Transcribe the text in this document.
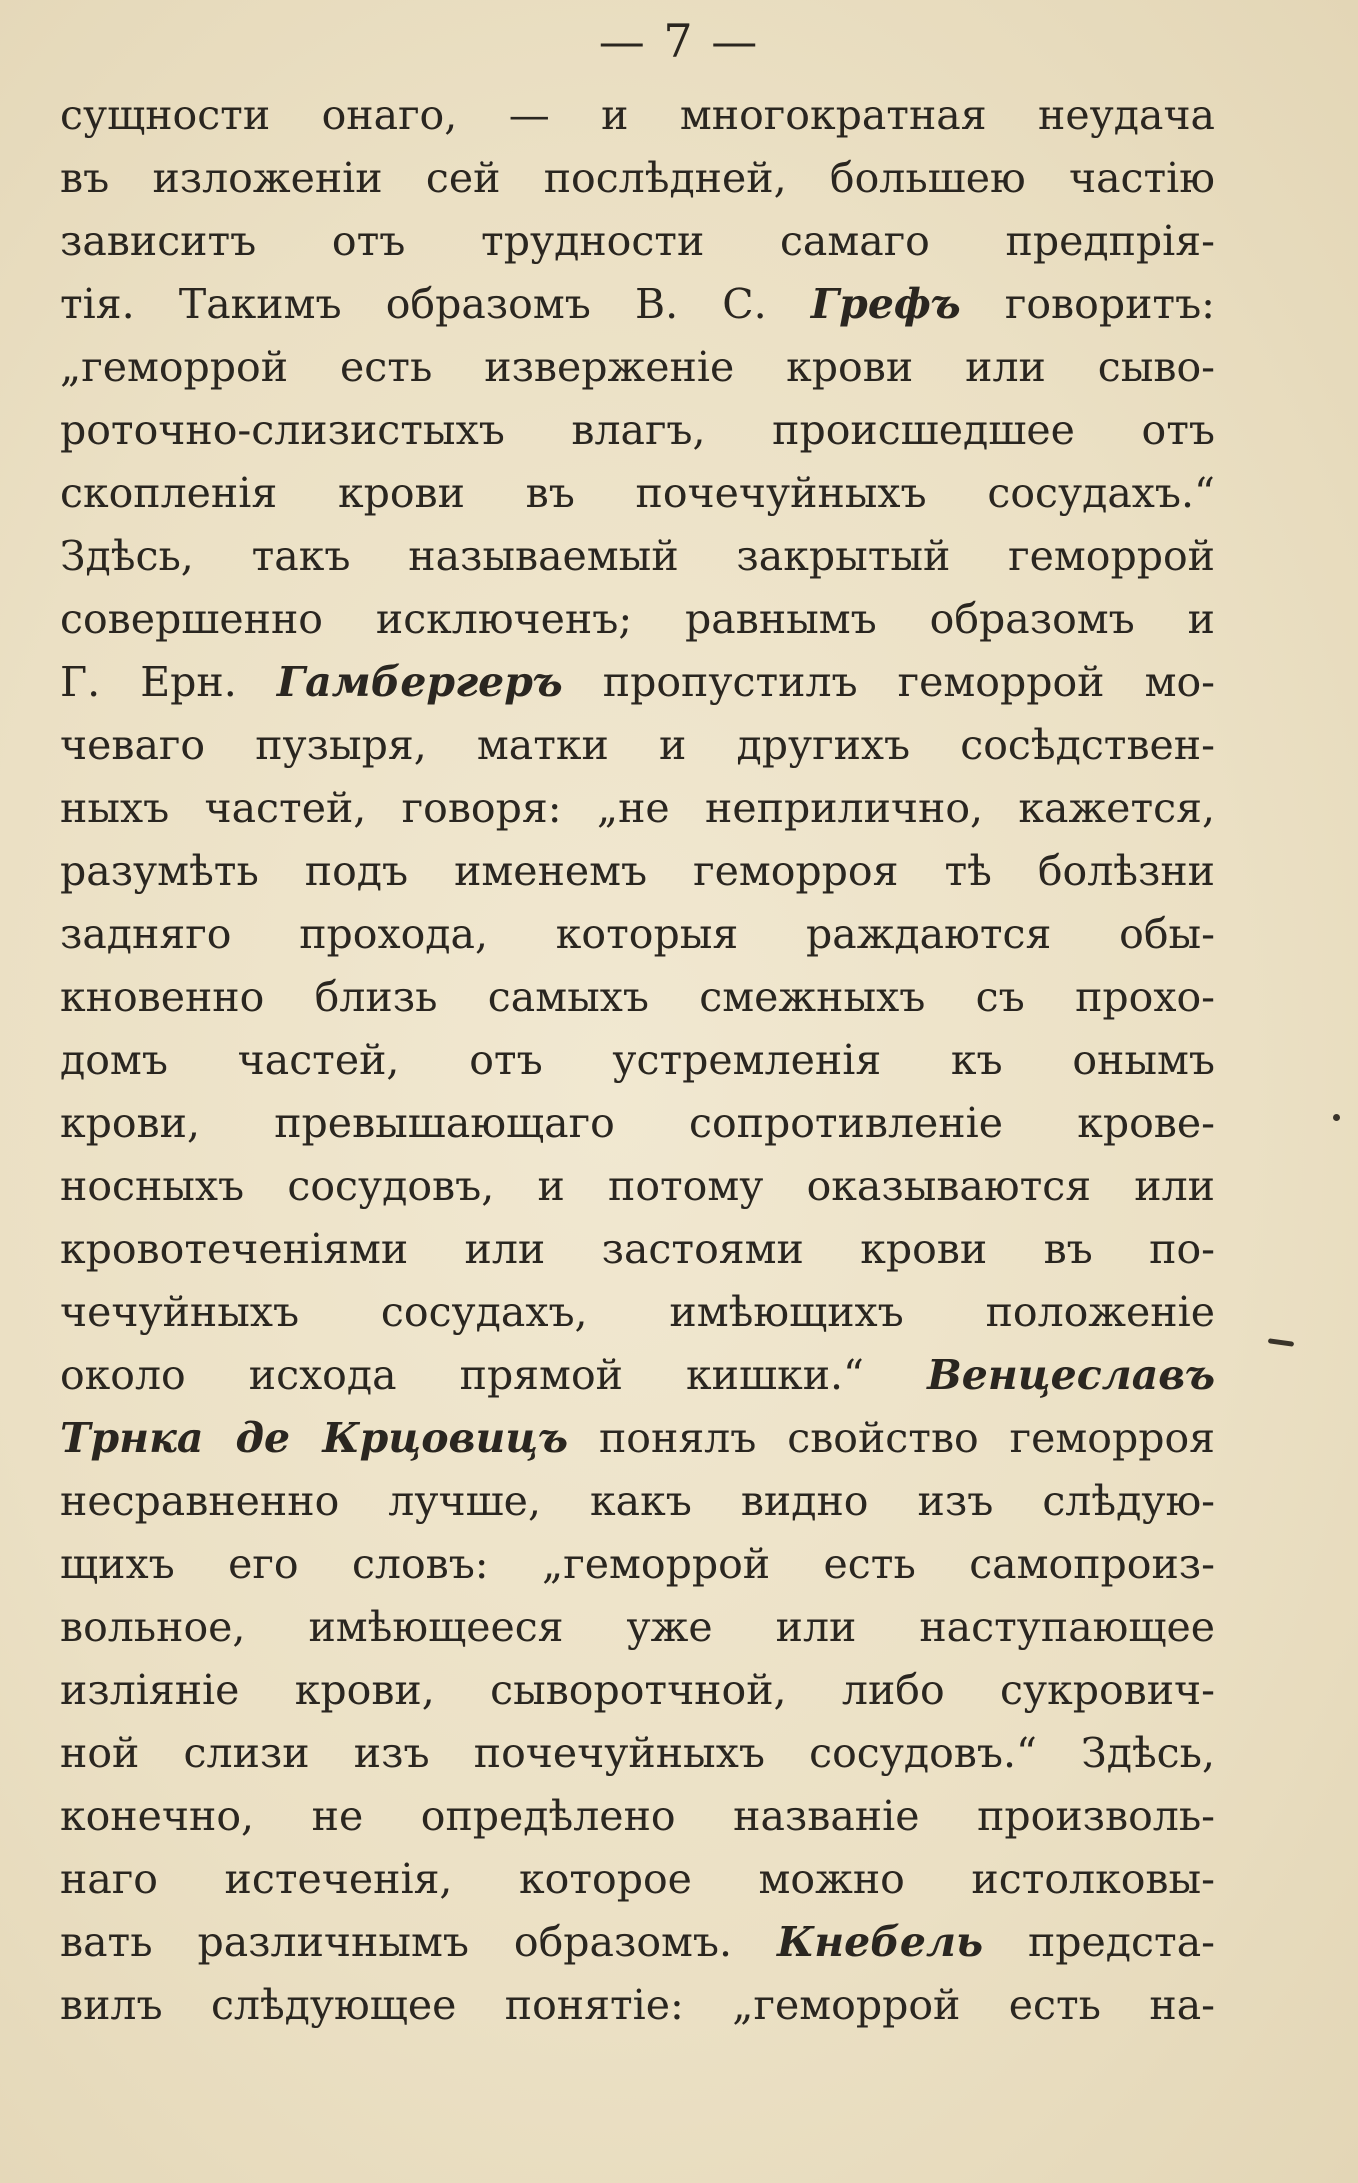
— 7 —
сущности онаго, — и многократная неудача
въ изложеніи сей послѣдней, большею частію
зависитъ отъ трудности самаго предпрія-
тія. Такимъ образомъ В. С. Грефъ говоритъ:
„геморрой есть изверженіе крови или сыво-
роточно-слизистыхъ влагъ, происшедшее отъ
скопленія крови въ почечуйныхъ сосудахъ.“
Здѣсь, такъ называемый закрытый геморрой
совершенно исключенъ; равнымъ образомъ и
Г. Ерн. Гамбергеръ пропустилъ геморрой мо-
чеваго пузыря, матки и другихъ сосѣдствен-
ныхъ частей, говоря: „не неприлично, кажется,
разумѣть подъ именемъ геморроя тѣ болѣзни
задняго прохода, которыя раждаются обы-
кновенно близь самыхъ смежныхъ съ прохо-
домъ частей, отъ устремленія къ онымъ
крови, превышающаго сопротивленіе крове-
носныхъ сосудовъ, и потому оказываются или
кровотеченіями или застоями крови въ по-
чечуйныхъ сосудахъ, имѣющихъ положеніе
около исхода прямой кишки.“ Венцеславъ
Трнка де Крцовицъ понялъ свойство геморроя
несравненно лучше, какъ видно изъ слѣдую-
щихъ его словъ: „геморрой есть самопроиз-
вольное, имѣющееся уже или наступающее
изліяніе крови, сыворотчной, либо сукрович-
ной слизи изъ почечуйныхъ сосудовъ.“ Здѣсь,
конечно, не опредѣлено названіе произволь-
наго истеченія, которое можно истолковы-
вать различнымъ образомъ. Кнебель предста-
вилъ слѣдующее понятіе: „геморрой есть на-
